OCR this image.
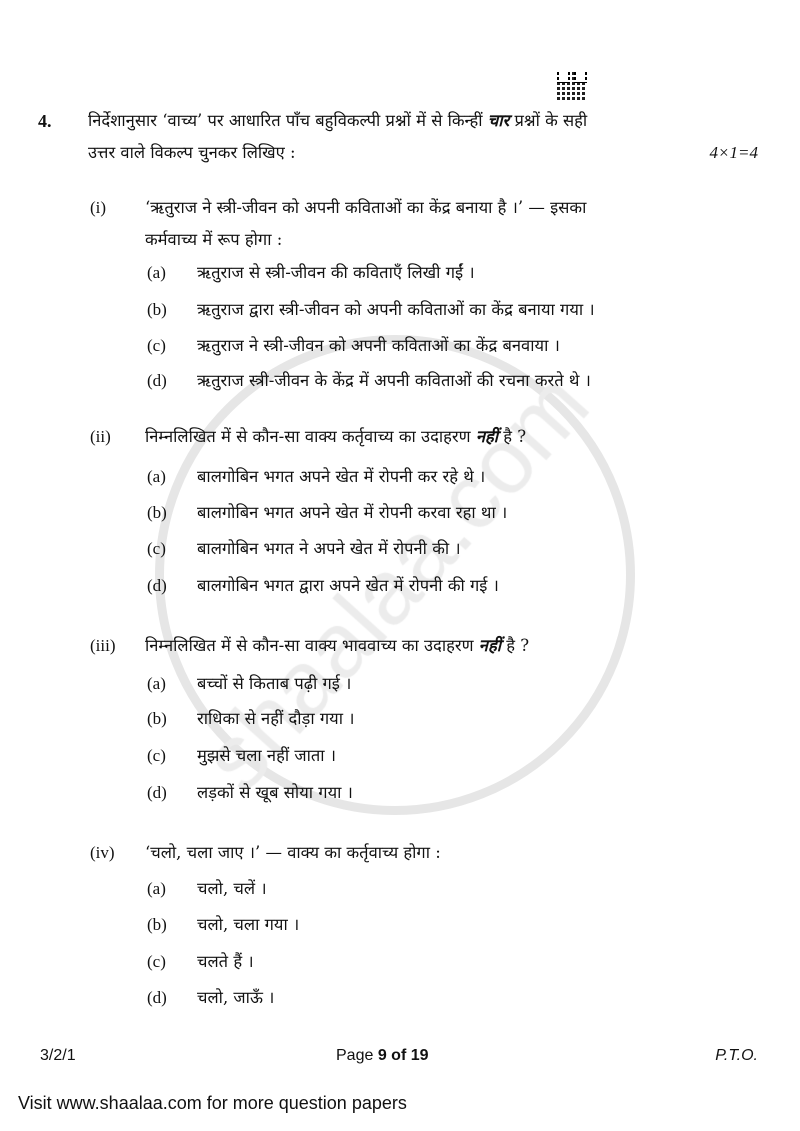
4. निर्देशानुसार ‘वाच्य’ पर आधारित पाँच बहुविकल्पी प्रश्नों में से किन्हीं चार प्रश्नों के सही
उत्तर वाले विकल्प चुनकर लिखिए :	4×1=4
(i) ‘ऋतुराज ने स्त्री-जीवन को अपनी कविताओं का केंद्र बनाया है ।’ — इसका
कर्मवाच्य में रूप होगा :
(a) ऋतुराज से स्त्री-जीवन की कविताएँ लिखी गईं ।
(b) ऋतुराज द्वारा स्त्री-जीवन को अपनी कविताओं का केंद्र बनाया गया ।
(c) ऋतुराज ने स्त्री-जीवन को अपनी कविताओं का केंद्र बनवाया ।
(d) ऋतुराज स्त्री-जीवन के केंद्र में अपनी कविताओं की रचना करते थे ।
(ii) निम्नलिखित में से कौन-सा वाक्य कर्तृवाच्य का उदाहरण नहीं है ?
(a) बालगोबिन भगत अपने खेत में रोपनी कर रहे थे ।
(b) बालगोबिन भगत अपने खेत में रोपनी करवा रहा था ।
(c) बालगोबिन भगत ने अपने खेत में रोपनी की ।
(d) बालगोबिन भगत द्वारा अपने खेत में रोपनी की गई ।
(iii) निम्नलिखित में से कौन-सा वाक्य भाववाच्य का उदाहरण नहीं है ?
(a) बच्चों से किताब पढ़ी गई ।
(b) राधिका से नहीं दौड़ा गया ।
(c) मुझसे चला नहीं जाता ।
(d) लड़कों से खूब सोया गया ।
(iv) ‘चलो, चला जाए ।’ — वाक्य का कर्तृवाच्य होगा :
(a) चलो, चलें ।
(b) चलो, चला गया ।
(c) चलते हैं ।
(d) चलो, जाऊँ ।
3/2/1	Page 9 of 19	P.T.O.
Visit www.shaalaa.com for more question papers
